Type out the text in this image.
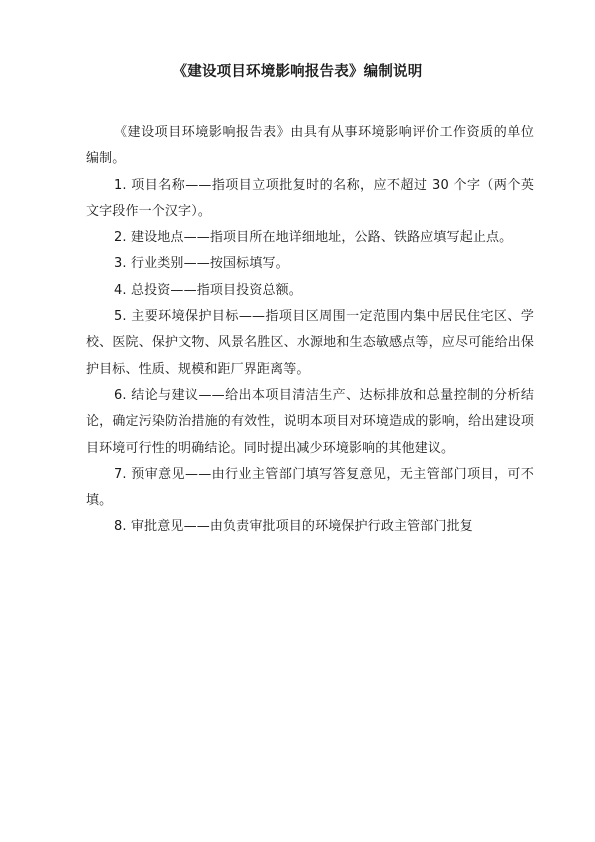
《建设项目环境影响报告表》编制说明

《建设项目环境影响报告表》由具有从事环境影响评价工作资质的单位编制。

1. 项目名称——指项目立项批复时的名称，应不超过 30 个字（两个英文字段作一个汉字）。

2. 建设地点——指项目所在地详细地址，公路、铁路应填写起止点。

3. 行业类别——按国标填写。

4. 总投资——指项目投资总额。

5. 主要环境保护目标——指项目区周围一定范围内集中居民住宅区、学校、医院、保护文物、风景名胜区、水源地和生态敏感点等，应尽可能给出保护目标、性质、规模和距厂界距离等。

6. 结论与建议——给出本项目清洁生产、达标排放和总量控制的分析结论，确定污染防治措施的有效性，说明本项目对环境造成的影响，给出建设项目环境可行性的明确结论。同时提出减少环境影响的其他建议。

7. 预审意见——由行业主管部门填写答复意见，无主管部门项目，可不填。

8. 审批意见——由负责审批项目的环境保护行政主管部门批复
